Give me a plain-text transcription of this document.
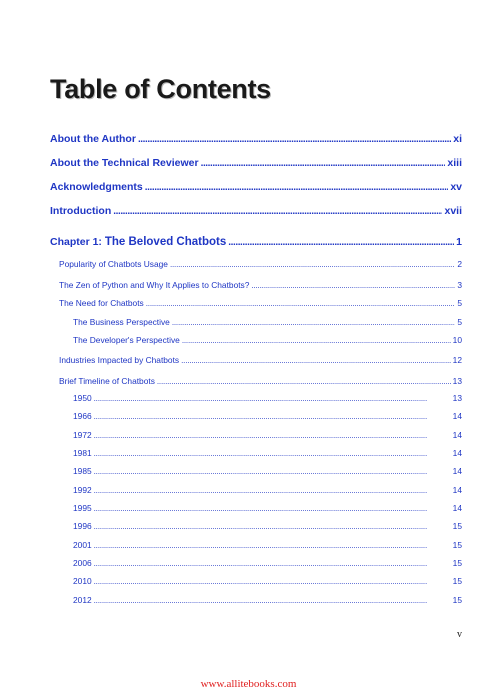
Table of Contents
About the Author . . .	xi
About the Technical Reviewer . . .	xiii
Acknowledgments . . .	xv
Introduction . . .	xvii
Chapter 1: The Beloved Chatbots . . .	1
Popularity of Chatbots Usage . . .	2
The Zen of Python and Why It Applies to Chatbots? . . .	3
The Need for Chatbots . . .	5
The Business Perspective . . .	5
The Developer's Perspective . . .	10
Industries Impacted by Chatbots . . .	12
Brief Timeline of Chatbots . . .	13
1950 . . .	13
1966 . . .	14
1972 . . .	14
1981 . . .	14
1985 . . .	14
1992 . . .	14
1995 . . .	14
1996 . . .	15
2001 . . .	15
2006 . . .	15
2010 . . .	15
2012 . . .	15
v
www.allitebooks.com
